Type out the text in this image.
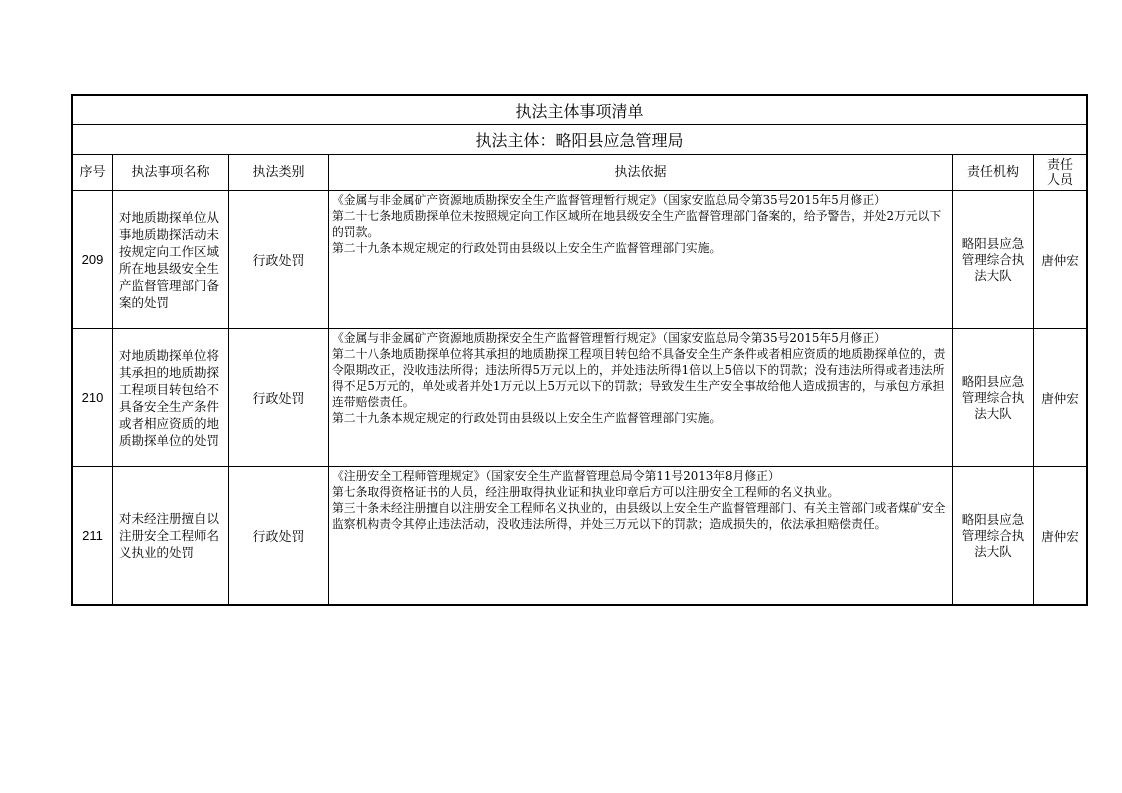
执法主体事项清单					
执法主体：略阳县应急管理局					
序号	执法事项名称	执法类别	执法依据	责任机构	责任人员
209	对地质勘探单位从事地质勘探活动未按规定向工作区域所在地县级安全生产监督管理部门备案的处罚	行政处罚	《金属与非金属矿产资源地质勘探安全生产监督管理暂行规定》（国家安监总局令第35号2015年5月修正）
第二十七条地质勘探单位未按照规定向工作区域所在地县级安全生产监督管理部门备案的，给予警告，并处2万元以下的罚款。
第二十九条本规定规定的行政处罚由县级以上安全生产监督管理部门实施。	略阳县应急管理综合执法大队	唐仲宏
210	对地质勘探单位将其承担的地质勘探工程项目转包给不具备安全生产条件或者相应资质的地质勘探单位的处罚	行政处罚	《金属与非金属矿产资源地质勘探安全生产监督管理暂行规定》（国家安监总局令第35号2015年5月修正）
第二十八条地质勘探单位将其承担的地质勘探工程项目转包给不具备安全生产条件或者相应资质的地质勘探单位的，责令限期改正，没收违法所得；违法所得5万元以上的，并处违法所得1倍以上5倍以下的罚款；没有违法所得或者违法所得不足5万元的，单处或者并处1万元以上5万元以下的罚款；导致发生生产安全事故给他人造成损害的，与承包方承担连带赔偿责任。
第二十九条本规定规定的行政处罚由县级以上安全生产监督管理部门实施。	略阳县应急管理综合执法大队	唐仲宏
211	对未经注册擅自以注册安全工程师名义执业的处罚	行政处罚	《注册安全工程师管理规定》（国家安全生产监督管理总局令第11号2013年8月修正）
第七条取得资格证书的人员，经注册取得执业证和执业印章后方可以注册安全工程师的名义执业。
第三十条未经注册擅自以注册安全工程师名义执业的，由县级以上安全生产监督管理部门、有关主管部门或者煤矿安全监察机构责令其停止违法活动，没收违法所得，并处三万元以下的罚款；造成损失的，依法承担赔偿责任。	略阳县应急管理综合执法大队	唐仲宏
